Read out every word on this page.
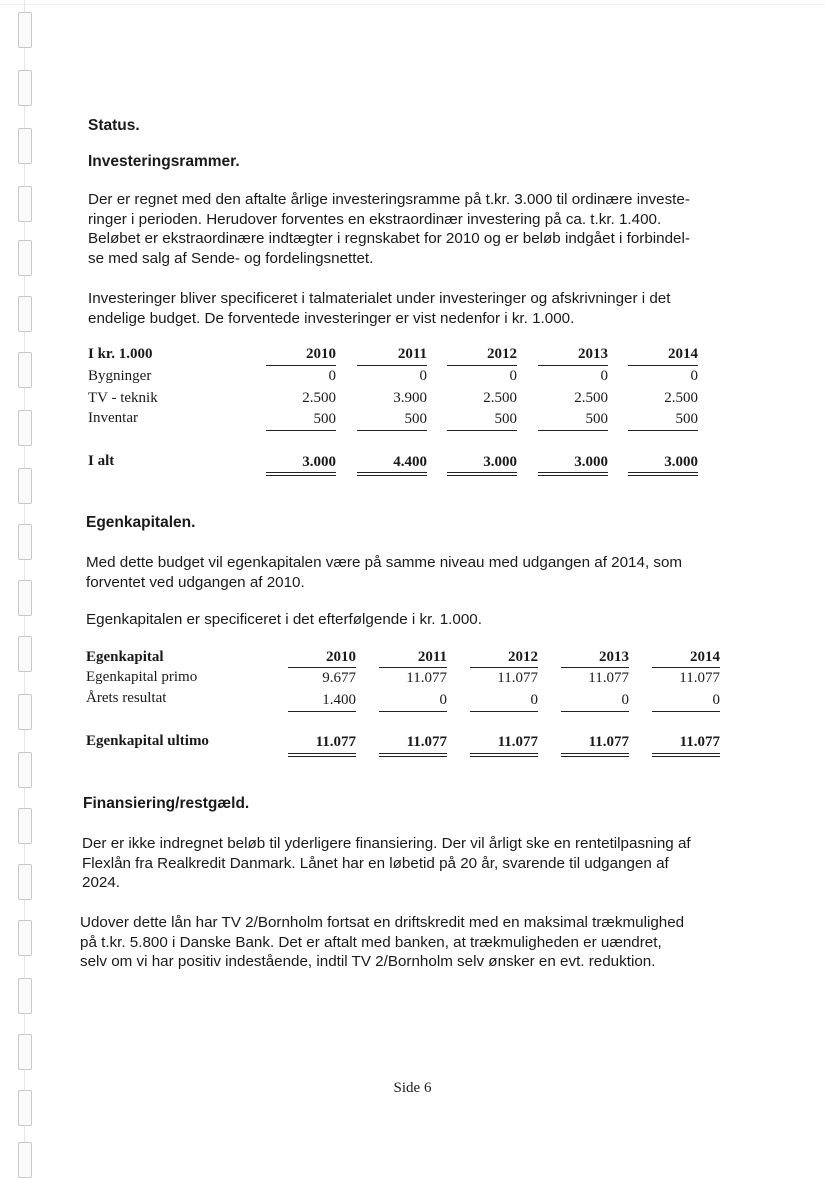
Status.
Investeringsrammer.
Der er regnet med den aftalte årlige investeringsramme på t.kr. 3.000 til ordinære investe-
ringer i perioden. Herudover forventes en ekstraordinær investering på ca. t.kr. 1.400.
Beløbet er ekstraordinære indtægter i regnskabet for 2010 og er beløb indgået i forbindel-
se med salg af Sende- og fordelingsnettet.
Investeringer bliver specificeret i talmaterialet under investeringer og afskrivninger i det
endelige budget. De forventede investeringer er vist nedenfor i kr. 1.000.
I kr. 1.000	2010	2011	2012	2013	2014
Bygninger	0	0	0	0	0
TV - teknik	2.500	3.900	2.500	2.500	2.500
Inventar	500	500	500	500	500
I alt	3.000	4.400	3.000	3.000	3.000
Egenkapitalen.
Med dette budget vil egenkapitalen være på samme niveau med udgangen af 2014, som
forventet ved udgangen af 2010.
Egenkapitalen er specificeret i det efterfølgende i kr. 1.000.
Egenkapital	2010	2011	2012	2013	2014
Egenkapital primo	9.677	11.077	11.077	11.077	11.077
Årets resultat	1.400	0	0	0	0
Egenkapital ultimo	11.077	11.077	11.077	11.077	11.077
Finansiering/restgæld.
Der er ikke indregnet beløb til yderligere finansiering. Der vil årligt ske en rentetilpasning af
Flexlån fra Realkredit Danmark. Lånet har en løbetid på 20 år, svarende til udgangen af
2024.
Udover dette lån har TV 2/Bornholm fortsat en driftskredit med en maksimal trækmulighed
på t.kr. 5.800 i Danske Bank. Det er aftalt med banken, at trækmuligheden er uændret,
selv om vi har positiv indestående, indtil TV 2/Bornholm selv ønsker en evt. reduktion.
Side 6
